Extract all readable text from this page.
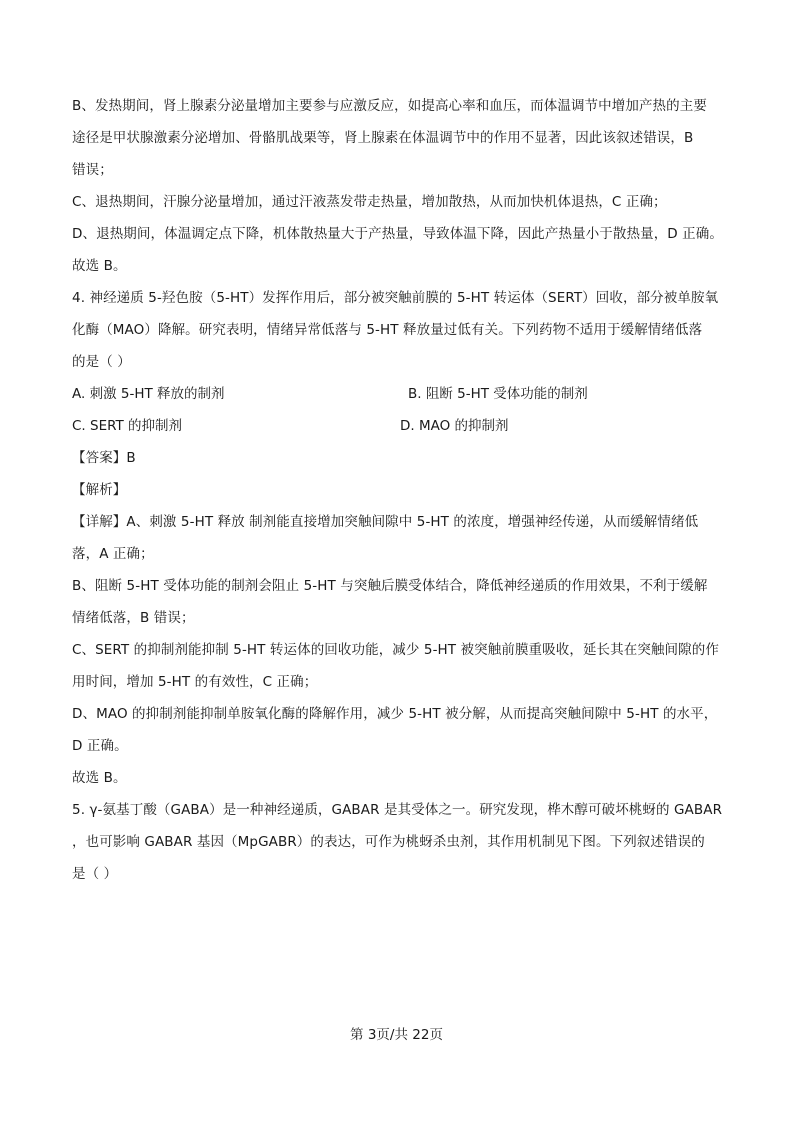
B、发热期间，肾上腺素分泌量增加主要参与应激反应，如提高心率和血压，而体温调节中增加产热的主要
途径是甲状腺激素分泌增加、骨骼肌战栗等，肾上腺素在体温调节中的作用不显著，因此该叙述错误，B
错误；
C、退热期间，汗腺分泌量增加，通过汗液蒸发带走热量，增加散热，从而加快机体退热，C 正确；
D、退热期间，体温调定点下降，机体散热量大于产热量，导致体温下降，因此产热量小于散热量，D 正确。
故选 B。
4. 神经递质 5-羟色胺（5-HT）发挥作用后，部分被突触前膜的 5-HT 转运体（SERT）回收，部分被单胺氧
化酶（MAO）降解。研究表明，情绪异常低落与 5-HT 释放量过低有关。下列药物不适用于缓解情绪低落
的是（ ）
A. 刺激 5-HT 释放的制剂	B. 阻断 5-HT 受体功能的制剂
C. SERT 的抑制剂	D. MAO 的抑制剂
【答案】B
【解析】
【详解】A、刺激 5-HT 释放 制剂能直接增加突触间隙中 5-HT 的浓度，增强神经传递，从而缓解情绪低
落，A 正确；
B、阻断 5-HT 受体功能的制剂会阻止 5-HT 与突触后膜受体结合，降低神经递质的作用效果，不利于缓解
情绪低落，B 错误；
C、SERT 的抑制剂能抑制 5-HT 转运体的回收功能，减少 5-HT 被突触前膜重吸收，延长其在突触间隙的作
用时间，增加 5-HT 的有效性，C 正确；
D、MAO 的抑制剂能抑制单胺氧化酶的降解作用，减少 5-HT 被分解，从而提高突触间隙中 5-HT 的水平，
D 正确。
故选 B。
5. γ-氨基丁酸（GABA）是一种神经递质，GABAR 是其受体之一。研究发现，桦木醇可破坏桃蚜的 GABAR
，也可影响 GABAR 基因（MpGABR）的表达，可作为桃蚜杀虫剂，其作用机制见下图。下列叙述错误的
是（ ）
第 3页/共 22页
